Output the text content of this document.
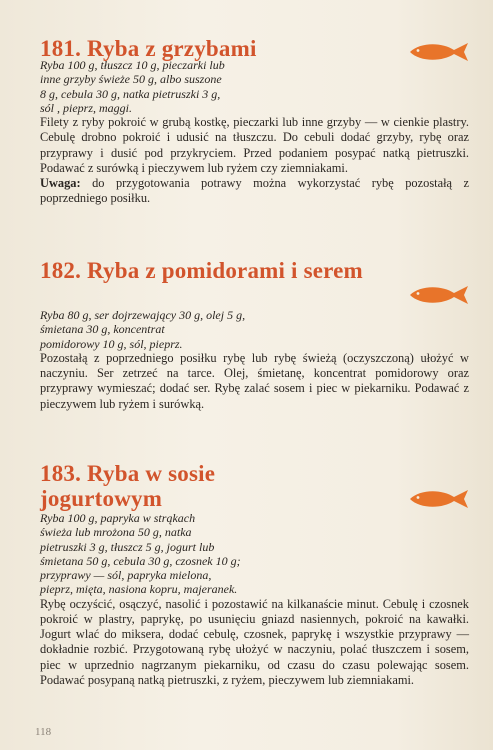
181. Ryba z grzybami
Ryba 100 g, tłuszcz 10 g, pieczarki lub
inne grzyby świeże 50 g, albo suszone
8 g, cebula 30 g, natka pietruszki 3 g,
sól , pieprz, maggi.

Filety z ryby pokroić w grubą kostkę, pieczarki lub inne grzyby — w cienkie plastry. Cebulę drobno pokroić i udusić na tłuszczu. Do cebuli dodać grzyby, rybę oraz przyprawy i dusić pod przykryciem. Przed podaniem posypać natką pietruszki. Podawać z surówką i pieczywem lub ryżem czy ziemniakami.

Uwaga: do przygotowania potrawy można wykorzystać rybę pozostałą z poprzedniego posiłku.

182. Ryba z pomidorami i serem
Ryba 80 g, ser dojrzewający 30 g, olej 5 g,
śmietana 30 g, koncentrat
pomidorowy 10 g, sól, pieprz.

Pozostałą z poprzedniego posiłku rybę lub rybę świeżą (oczyszczoną) ułożyć w naczyniu. Ser zetrzeć na tarce. Olej, śmietanę, koncentrat pomidorowy oraz przyprawy wymieszać; dodać ser. Rybę zalać sosem i piec w piekarniku. Podawać z pieczywem lub ryżem i surówką.

183. Ryba w sosie jogurtowym
Ryba 100 g, papryka w strąkach
świeża lub mrożona 50 g, natka
pietruszki 3 g, tłuszcz 5 g, jogurt lub
śmietana 50 g, cebula 30 g, czosnek 10 g;
przyprawy — sól, papryka mielona,
pieprz, mięta, nasiona kopru, majeranek.

Rybę oczyścić, osączyć, nasolić i pozostawić na kilkanaście minut. Cebulę i czosnek pokroić w plastry, paprykę, po usunięciu gniazd nasiennych, pokroić na kawałki. Jogurt wlać do miksera, dodać cebulę, czosnek, paprykę i wszystkie przyprawy — dokładnie rozbić. Przygotowaną rybę ułożyć w naczyniu, polać tłuszczem i sosem, piec w uprzednio nagrzanym piekarniku, od czasu do czasu polewając sosem. Podawać posypaną natką pietruszki, z ryżem, pieczywem lub ziemniakami.

118
